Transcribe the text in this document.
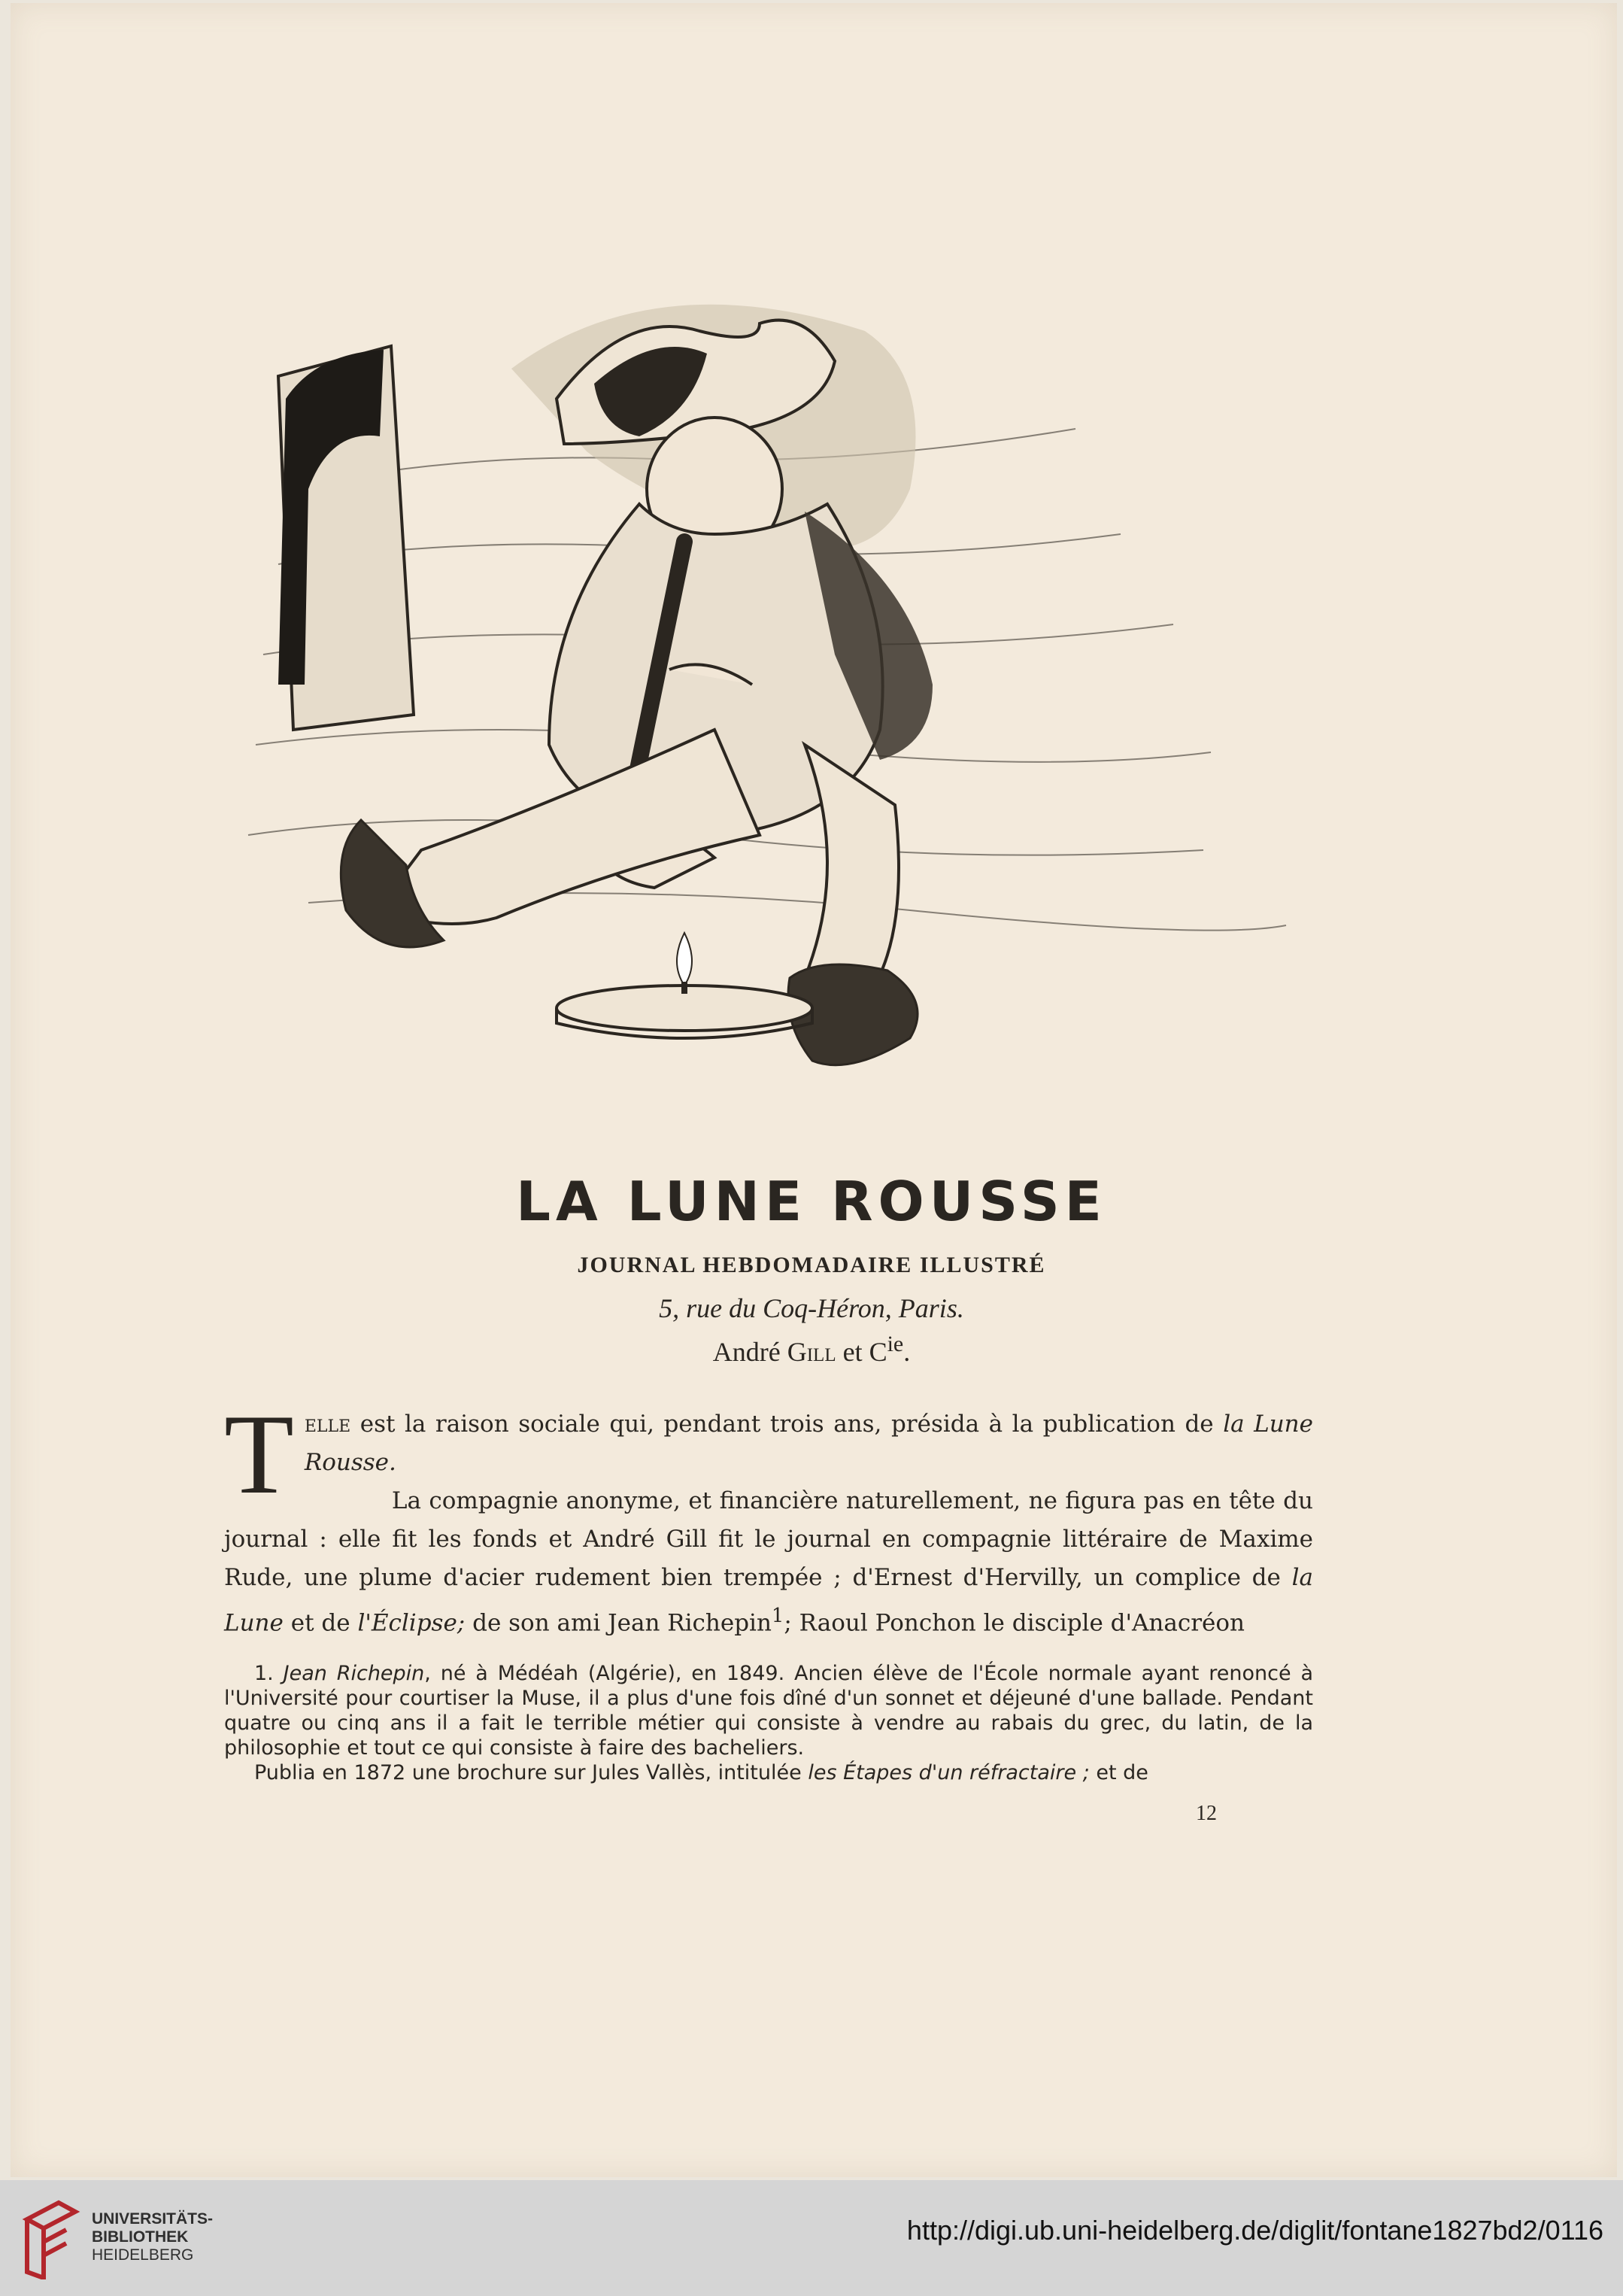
LA LUNE ROUSSE
JOURNAL HEBDOMADAIRE ILLUSTRÉ
5, rue du Coq-Héron, Paris.
André Gill et $C^{ie}$.
T elle est la raison sociale qui, pendant trois ans, présida à la publication de la Lune Rousse.

La compagnie anonyme, et financière naturellement, ne figura pas en tête du journal : elle fit les fonds et André Gill fit le journal en compagnie littéraire de Maxime Rude, une plume d'acier rudement bien trempée ; d'Ernest d'Hervilly, un complice de la Lune et de l'Éclipse; de son ami Jean Richepin$^1$; Raoul Ponchon le disciple d'Anacréon

1. Jean Richepin, né à Médéah (Algérie), en 1849. Ancien élève de l'École normale ayant renoncé à l'Université pour courtiser la Muse, il a plus d'une fois dîné d'un sonnet et déjeuné d'une ballade. Pendant quatre ou cinq ans il a fait le terrible métier qui consiste à vendre au rabais du grec, du latin, de la philosophie et tout ce qui consiste à faire des bacheliers.

Publia en 1872 une brochure sur Jules Vallès, intitulée les Étapes d'un réfractaire ; et de

12
UNIVERSITÄTS-
BIBLIOTHEK
HEIDELBERG
http://digi.ub.uni-heidelberg.de/diglit/fontane1827bd2/0116
